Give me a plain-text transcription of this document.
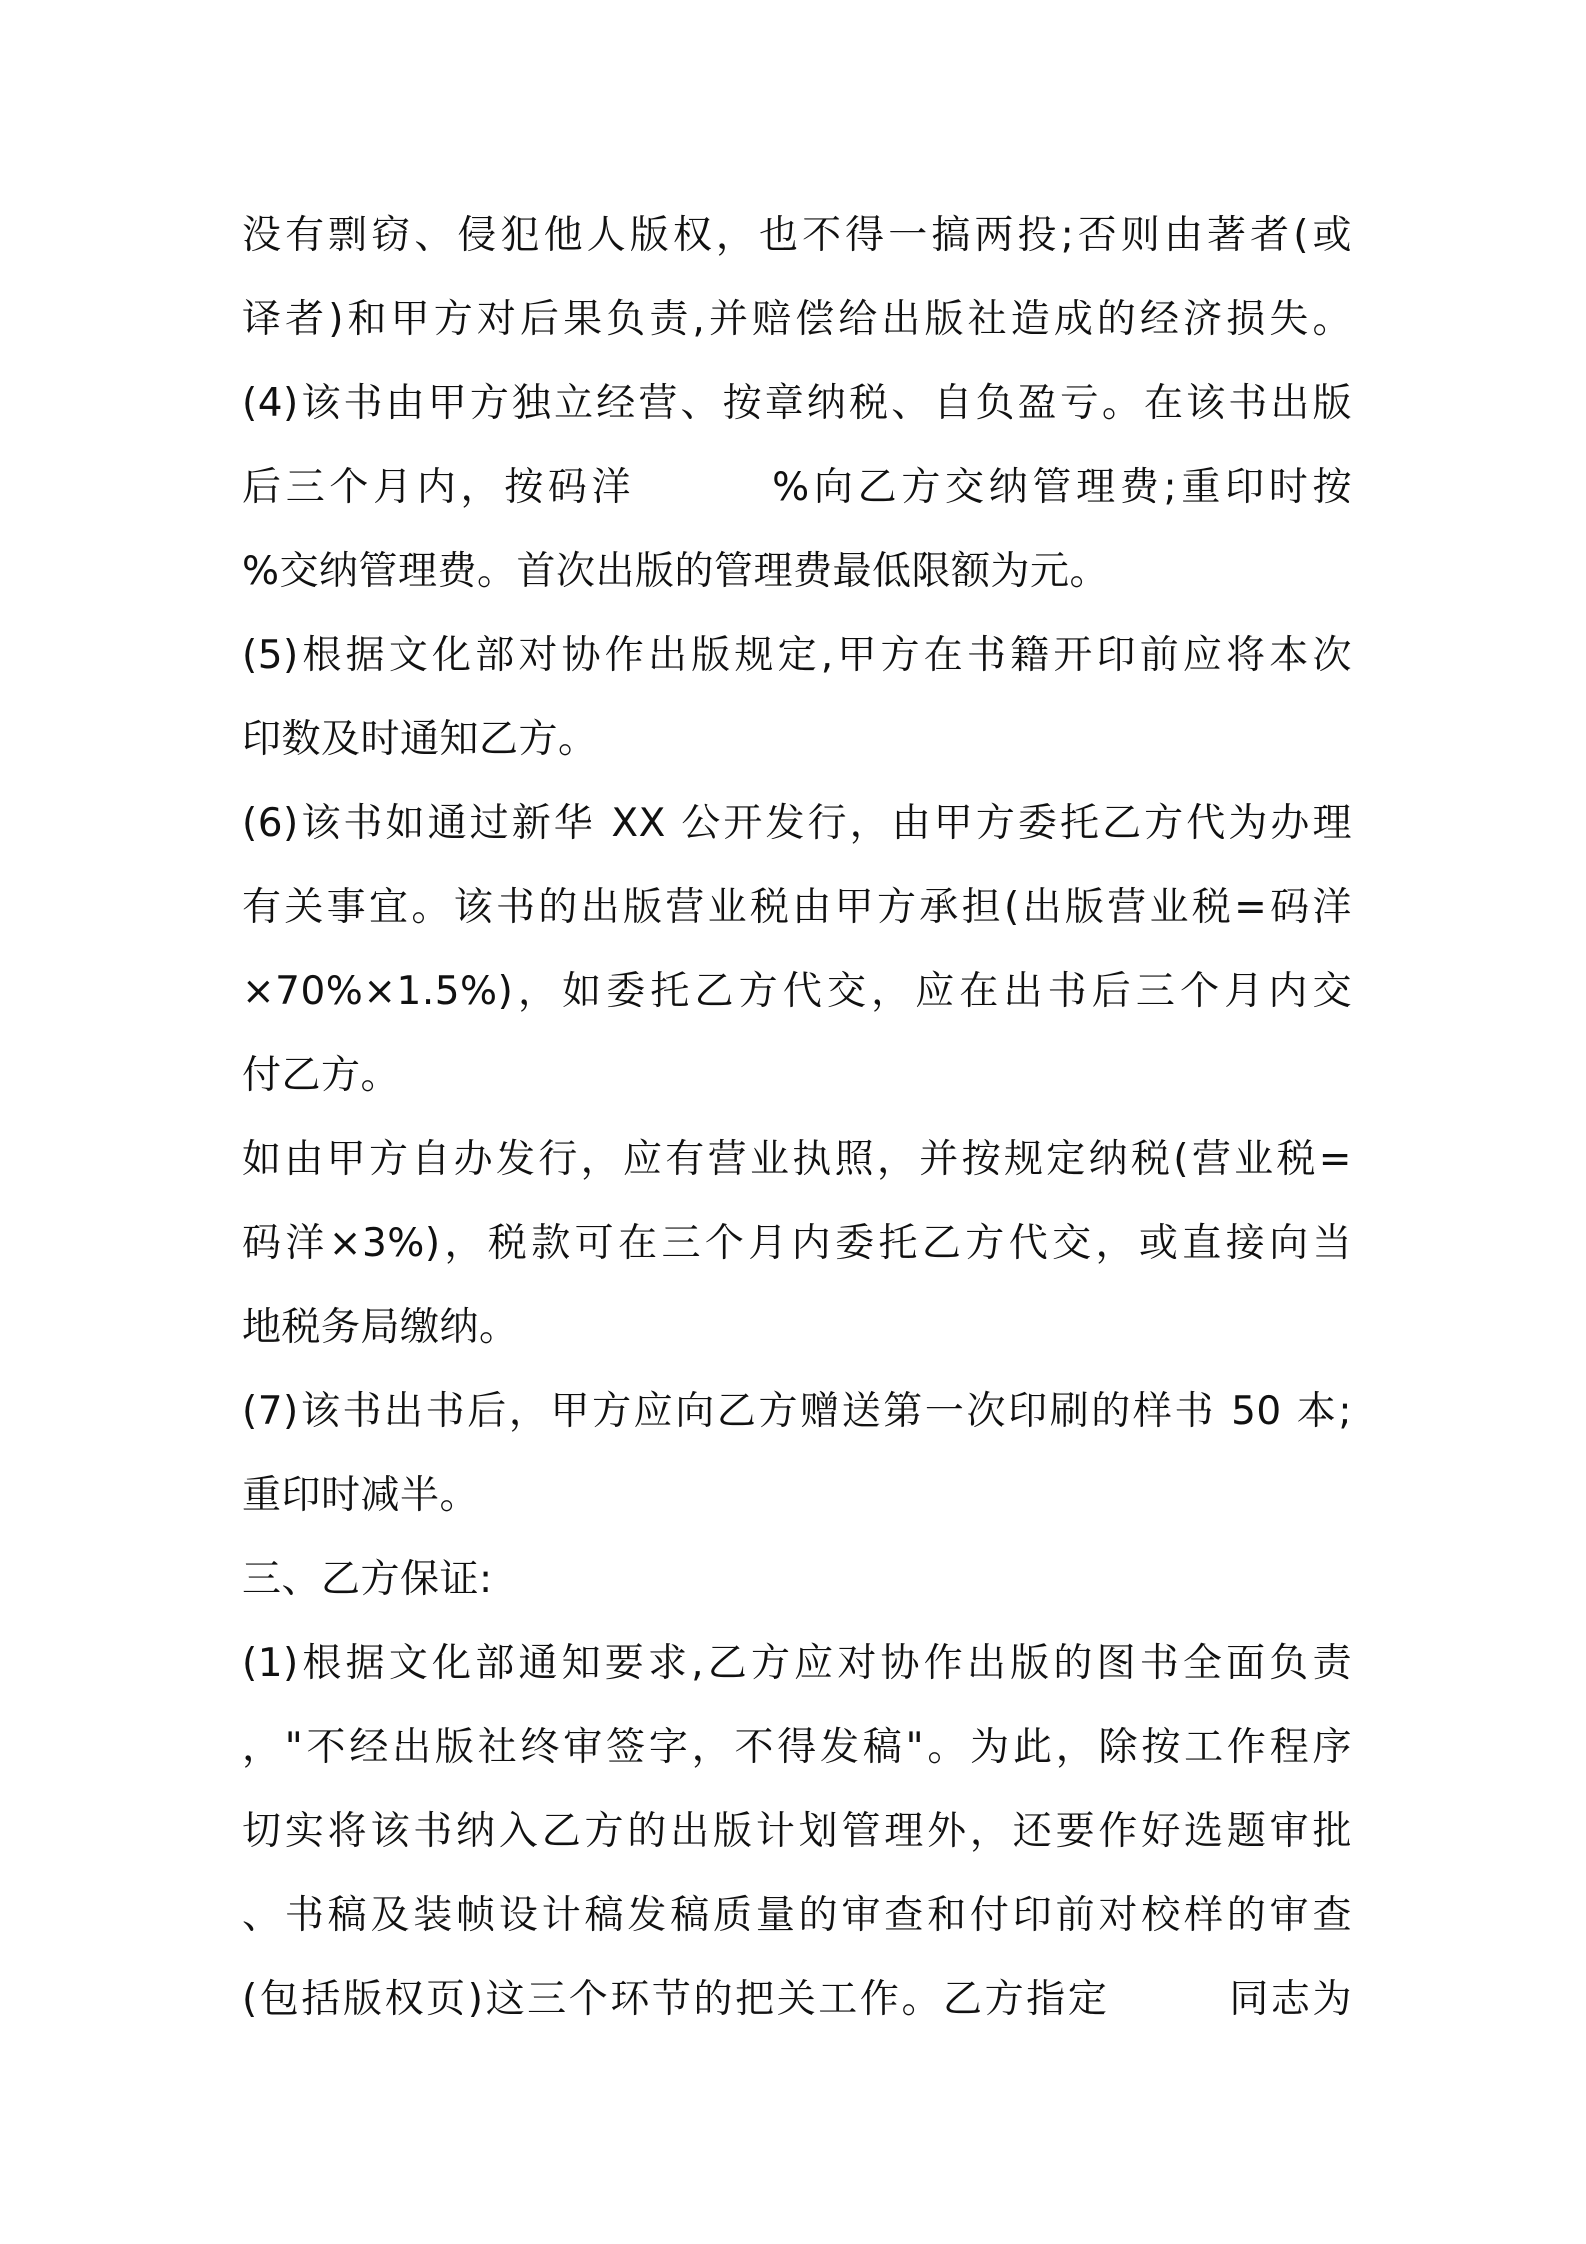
没有剽窃、侵犯他人版权，也不得一搞两投;否则由著者(或
译者)和甲方对后果负责,并赔偿给出版社造成的经济损失。
(4)该书由甲方独立经营、按章纳税、自负盈亏。在该书出版
后三个月内，按码洋        %向乙方交纳管理费;重印时按
%交纳管理费。首次出版的管理费最低限额为元。
(5)根据文化部对协作出版规定,甲方在书籍开印前应将本次
印数及时通知乙方。
(6)该书如通过新华 XX 公开发行，由甲方委托乙方代为办理
有关事宜。该书的出版营业税由甲方承担(出版营业税=码洋
×70%×1.5%)，如委托乙方代交，应在出书后三个月内交
付乙方。
如由甲方自办发行，应有营业执照，并按规定纳税(营业税=
码洋×3%)，税款可在三个月内委托乙方代交，或直接向当
地税务局缴纳。
(7)该书出书后，甲方应向乙方赠送第一次印刷的样书 50 本;
重印时减半。
三、乙方保证:
(1)根据文化部通知要求,乙方应对协作出版的图书全面负责
，"不经出版社终审签字，不得发稿"。为此，除按工作程序
切实将该书纳入乙方的出版计划管理外，还要作好选题审批
、书稿及装帧设计稿发稿质量的审查和付印前对校样的审查
(包括版权页)这三个环节的把关工作。乙方指定        同志为
